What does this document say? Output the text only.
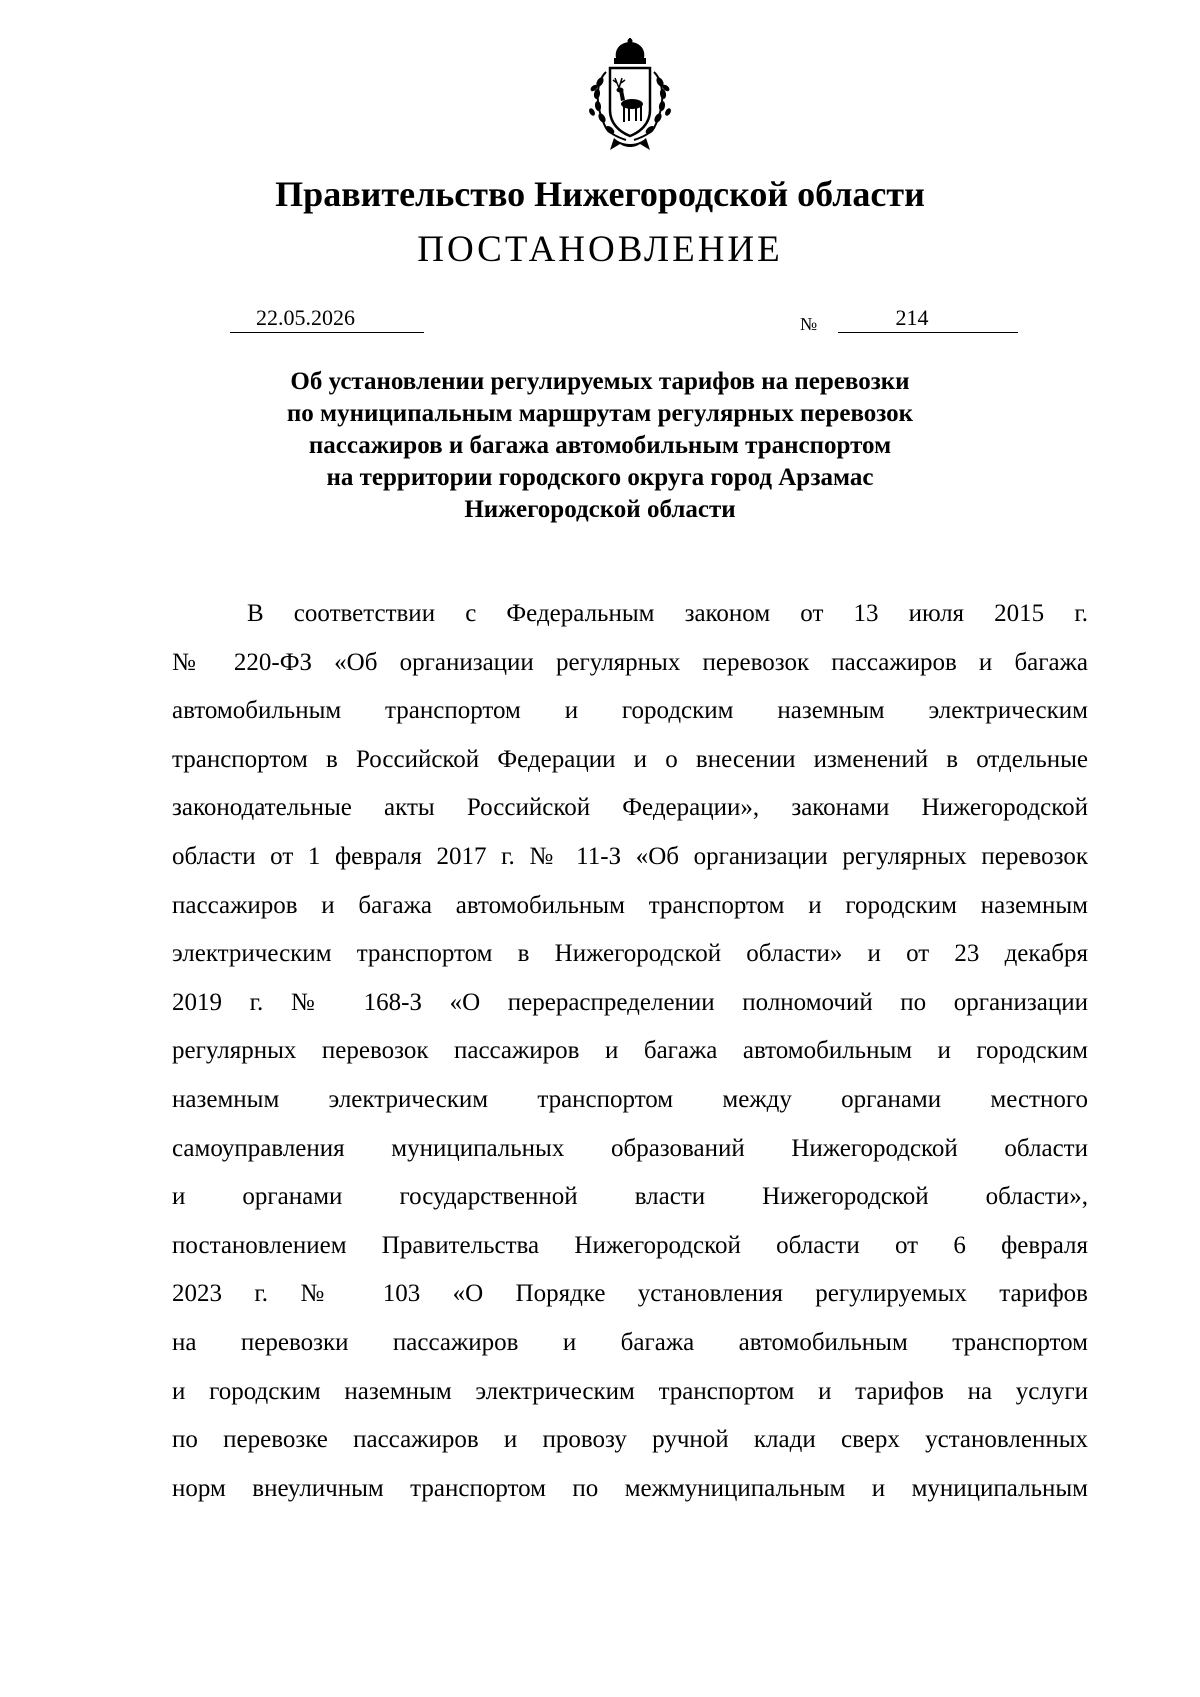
Правительство Нижегородской области
ПОСТАНОВЛЕНИЕ
22.05.2026	№	214
Об установлении регулируемых тарифов на перевозки
по муниципальным маршрутам регулярных перевозок
пассажиров и багажа автомобильным транспортом
на территории городского округа город Арзамас
Нижегородской области
В соответствии с Федеральным законом от 13 июля 2015 г.
№ 220-ФЗ «Об организации регулярных перевозок пассажиров и багажа
автомобильным транспортом и городским наземным электрическим
транспортом в Российской Федерации и о внесении изменений в отдельные
законодательные акты Российской Федерации», законами Нижегородской
области от 1 февраля 2017 г. № 11-З «Об организации регулярных перевозок
пассажиров и багажа автомобильным транспортом и городским наземным
электрическим транспортом в Нижегородской области» и от 23 декабря
2019 г. № 168-З «О перераспределении полномочий по организации
регулярных перевозок пассажиров и багажа автомобильным и городским
наземным электрическим транспортом между органами местного
самоуправления муниципальных образований Нижегородской области
и органами государственной власти Нижегородской области»,
постановлением Правительства Нижегородской области от 6 февраля
2023 г. № 103 «О Порядке установления регулируемых тарифов
на перевозки пассажиров и багажа автомобильным транспортом
и городским наземным электрическим транспортом и тарифов на услуги
по перевозке пассажиров и провозу ручной клади сверх установленных
норм внеуличным транспортом по межмуниципальным и муниципальным
